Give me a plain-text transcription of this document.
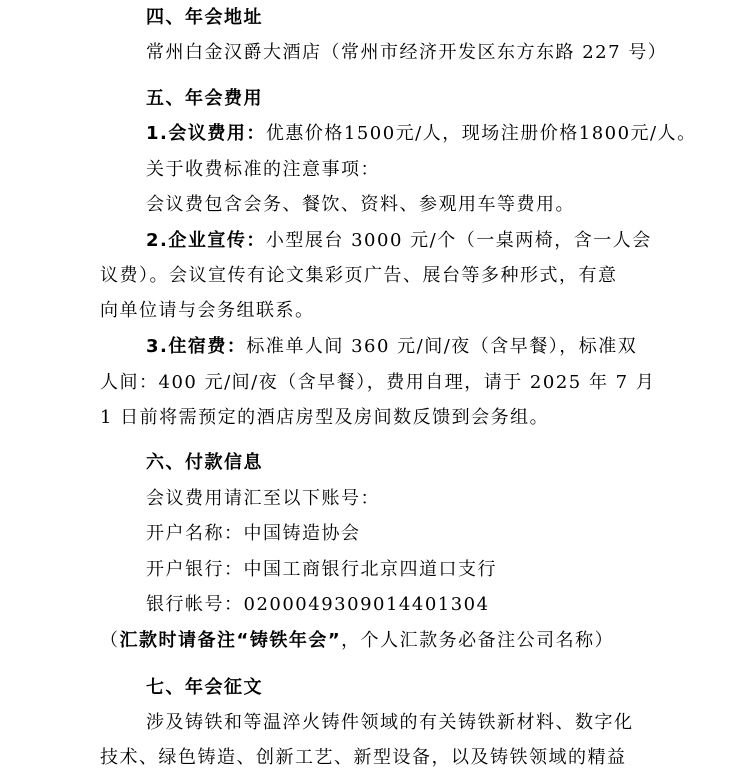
四、年会地址
常州白金汉爵大酒店（常州市经济开发区东方东路 227 号）
五、年会费用
1.会议费用：优惠价格1500元/人，现场注册价格1800元/人。
关于收费标准的注意事项：
会议费包含会务、餐饮、资料、参观用车等费用。
2.企业宣传：小型展台 3000 元/个（一桌两椅，含一人会
议费）。会议宣传有论文集彩页广告、展台等多种形式，有意
向单位请与会务组联系。
3.住宿费：标准单人间 360 元/间/夜（含早餐），标准双
人间：400 元/间/夜（含早餐），费用自理，请于 2025 年 7 月
1 日前将需预定的酒店房型及房间数反馈到会务组。
六、付款信息
会议费用请汇至以下账号：
开户名称：中国铸造协会
开户银行：中国工商银行北京四道口支行
银行帐号：0200049309014401304
（汇款时请备注“铸铁年会”，个人汇款务必备注公司名称）
七、年会征文
涉及铸铁和等温淬火铸件领域的有关铸铁新材料、数字化
技术、绿色铸造、创新工艺、新型设备，以及铸铁领域的精益
